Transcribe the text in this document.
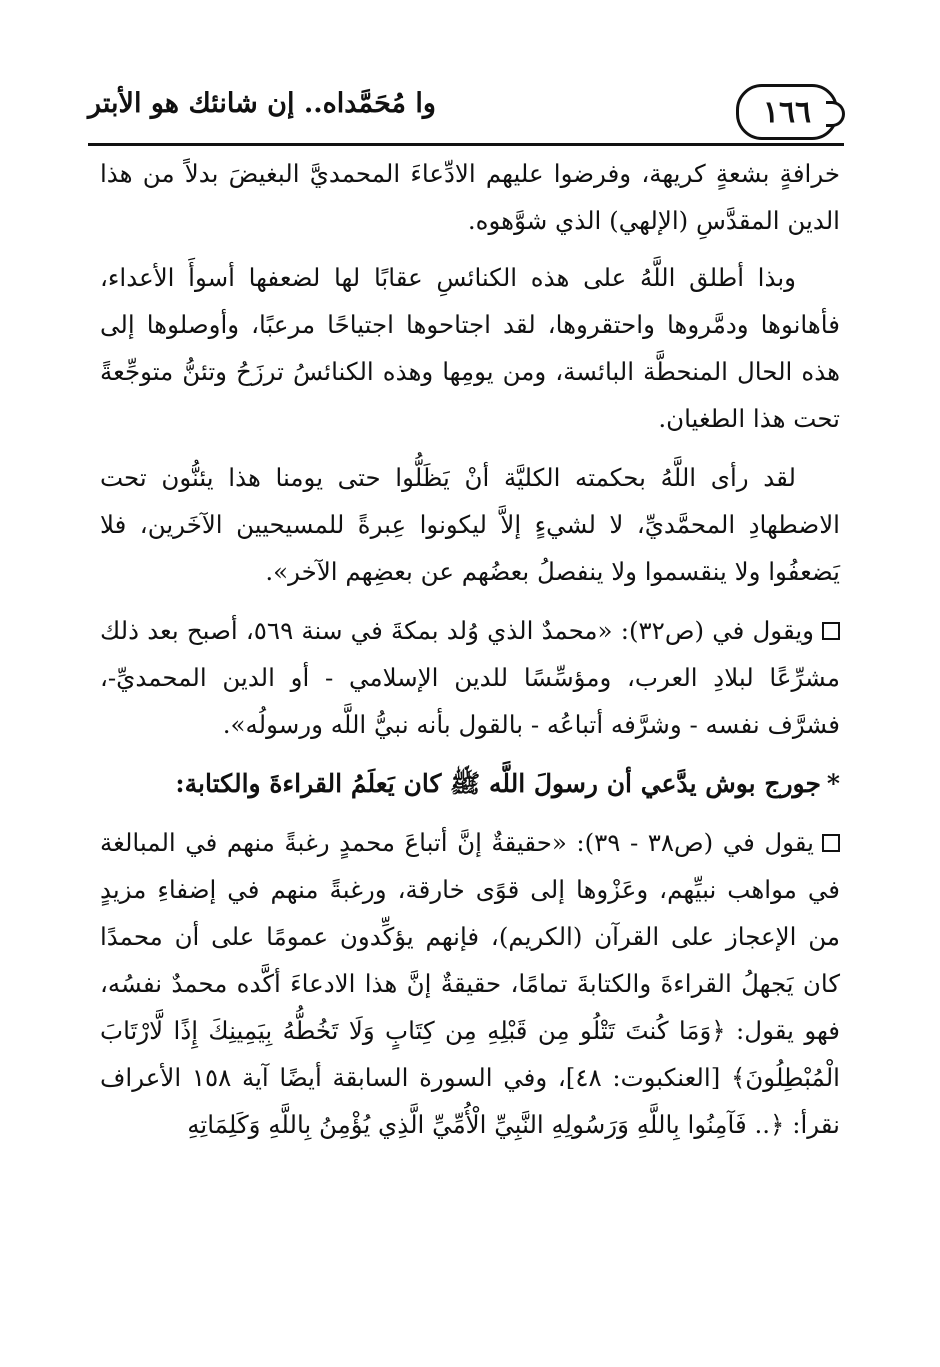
١٦٦
وا مُحَمَّداه.. إن شانئك هو الأبتر

خرافةٍ بشعةٍ كريهة، وفرضوا عليهم الادِّعاءَ المحمديَّ البغيضَ بدلاً من هذا الدين المقدَّسِ (الإلهي) الذي شوَّهوه.

وبذا أطلق اللَّهُ على هذه الكنائسِ عقابًا لها لضعفها أسوأَ الأعداء، فأهانوها ودمَّروها واحتقروها، لقد اجتاحوها اجتياحًا مرعبًا، وأوصلوها إلى هذه الحال المنحطَّة البائسة، ومن يومِها وهذه الكنائسُ ترزَحُ وتئنُّ متوجِّعةً تحت هذا الطغيان.

لقد رأى اللَّهُ بحكمته الكليَّة أنْ يَظَلُّوا حتى يومنا هذا يئنُّون تحت الاضطهادِ المحمَّديِّ، لا لشيءٍ إلاَّ ليكونوا عِبرةً للمسيحيين الآخَرين، فلا يَضعفُوا ولا ينقسموا ولا ينفصلُ بعضُهم عن بعضِهم الآخر».

ويقول في (ص٣٢): «محمدٌ الذي وُلد بمكةَ في سنة ٥٦٩، أصبح بعد ذلك مشرِّعًا لبلادِ العرب، ومؤسِّسًا للدين الإسلامي - أو الدين المحمديِّ-، فشرَّف نفسه - وشرَّفه أتباعُه - بالقول بأنه نبيُّ اللَّه ورسولُه».

*جورج بوش يدَّعي أن رسولَ اللَّه ﷺ كان يَعلَمُ القراءةَ والكتابة:

يقول في (ص٣٨ - ٣٩): «حقيقةٌ إنَّ أتباعَ محمدٍ رغبةً منهم في المبالغة في مواهب نبيِّهم، وعَزْوها إلى قوًى خارقة، ورغبةً منهم في إضفاءِ مزيدٍ من الإعجاز على القرآن (الكريم)، فإنهم يؤكِّدون عمومًا على أن محمدًا كان يَجهلُ القراءةَ والكتابةَ تمامًا، حقيقةٌ إنَّ هذا الادعاءَ أكَّده محمدٌ نفسُه، فهو يقول: ﴿وَمَا كُنتَ تَتْلُو مِن قَبْلِهِ مِن كِتَابٍ وَلَا تَخُطُّهُ بِيَمِينِكَ إِذًا لَّارْتَابَ الْمُبْطِلُونَ﴾ [العنكبوت: ٤٨]، وفي السورة السابقة أيضًا آية ١٥٨ الأعراف نقرأ: ﴿.. فَآمِنُوا بِاللَّهِ وَرَسُولِهِ النَّبِيِّ الْأُمِّيِّ الَّذِي يُؤْمِنُ بِاللَّهِ وَكَلِمَاتِهِ
